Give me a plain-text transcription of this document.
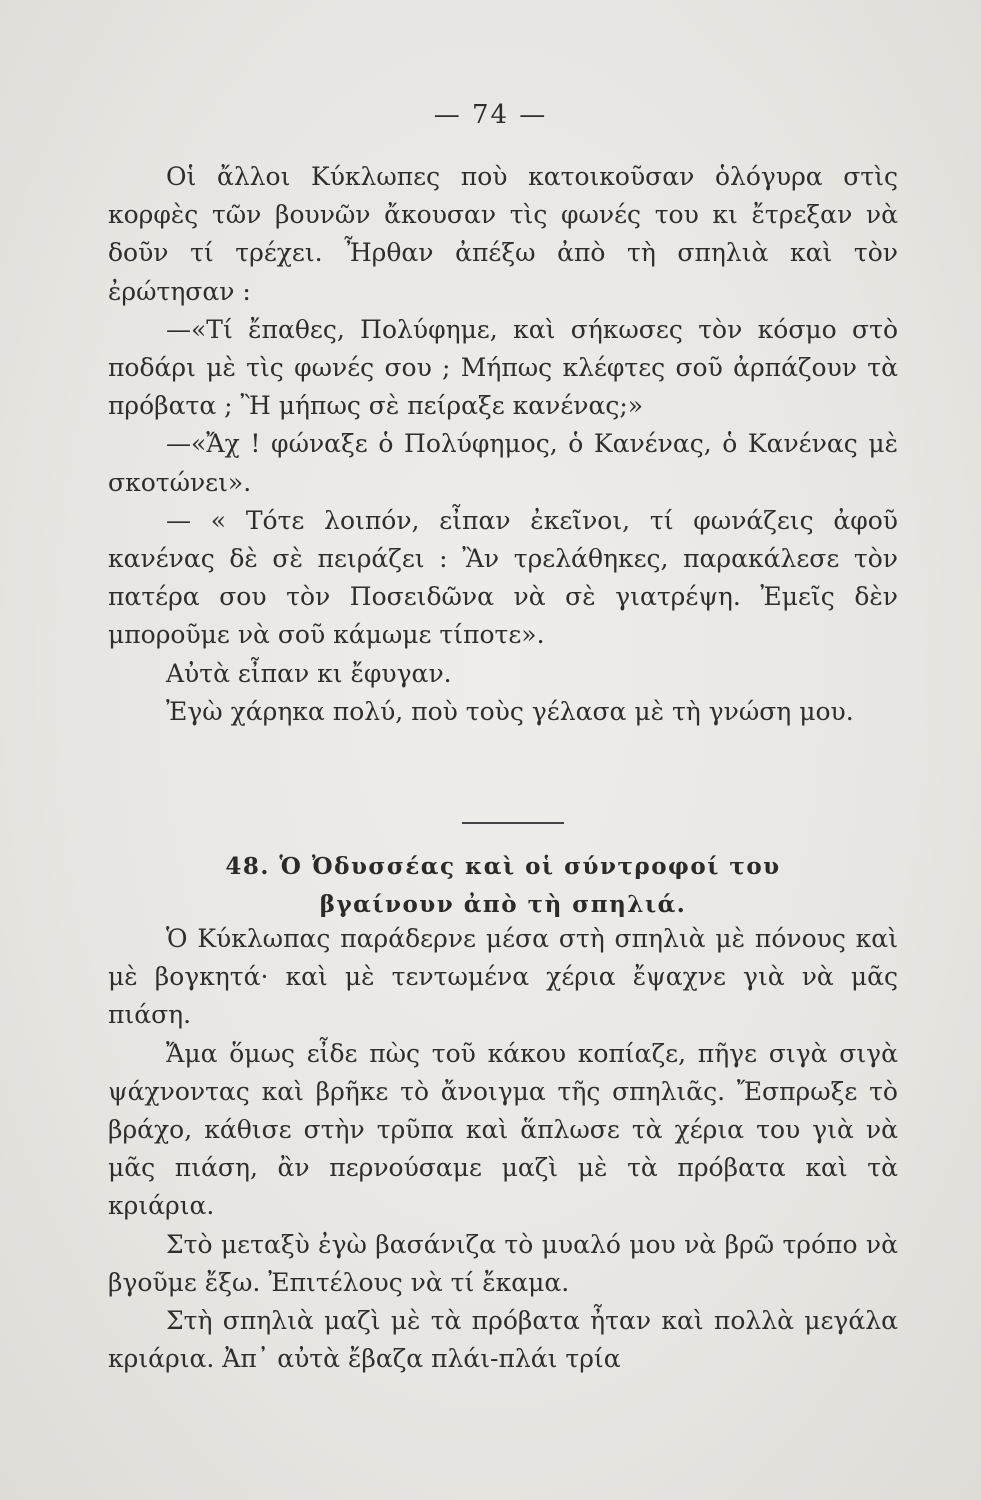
— 74 —

Οἱ ἄλλοι Κύκλωπες ποὺ κατοικοῦσαν ὁλόγυρα στὶς κορφὲς τῶν βουνῶν ἄκουσαν τὶς φωνές του κι ἔτρεξαν νὰ δοῦν τί τρέχει. Ἦρθαν ἀπέξω ἀπὸ τὴ σπηλιὰ καὶ τὸν ἐρώτησαν :

—«Τί ἔπαθες, Πολύφημε, καὶ σήκωσες τὸν κόσμο στὸ ποδάρι μὲ τὶς φωνές σου ; Μήπως κλέφτες σοῦ ἀρπάζουν τὰ πρόβατα ; Ἢ μήπως σὲ πείραξε κανένας;»

—«Ἄχ ! φώναξε ὁ Πολύφημος, ὁ Κανένας, ὁ Κανένας μὲ σκοτώνει».

— « Τότε λοιπόν, εἶπαν ἐκεῖνοι, τί φωνάζεις ἀφοῦ κανένας δὲ σὲ πειράζει : Ἂν τρελάθηκες, παρακάλεσε τὸν πατέρα σου τὸν Ποσειδῶνα νὰ σὲ γιατρέψη. Ἐμεῖς δὲν μποροῦμε νὰ σοῦ κάμωμε τίποτε».

Αὐτὰ εἶπαν κι ἔφυγαν.

Ἐγὼ χάρηκα πολύ, ποὺ τοὺς γέλασα μὲ τὴ γνώση μου.

48. Ὁ Ὀδυσσέας καὶ οἱ σύντροφοί του
βγαίνουν ἀπὸ τὴ σπηλιά.

Ὁ Κύκλωπας παράδερνε μέσα στὴ σπηλιὰ μὲ πόνους καὶ μὲ βογκητά· καὶ μὲ τεντωμένα χέρια ἔψαχνε γιὰ νὰ μᾶς πιάση.

Ἄμα ὅμως εἶδε πὼς τοῦ κάκου κοπίαζε, πῆγε σιγὰ σιγὰ ψάχνοντας καὶ βρῆκε τὸ ἄνοιγμα τῆς σπηλιᾶς. Ἔσπρωξε τὸ βράχο, κάθισε στὴν τρῦπα καὶ ἅπλωσε τὰ χέρια του γιὰ νὰ μᾶς πιάση, ἂν περνούσαμε μαζὶ μὲ τὰ πρόβατα καὶ τὰ κριάρια.

Στὸ μεταξὺ ἐγὼ βασάνιζα τὸ μυαλό μου νὰ βρῶ τρόπο νὰ βγοῦμε ἔξω. Ἐπιτέλους νὰ τί ἔκαμα.

Στὴ σπηλιὰ μαζὶ μὲ τὰ πρόβατα ἦταν καὶ πολλὰ μεγάλα κριάρια. Ἀπ᾽ αὐτὰ ἔβαζα πλάι-πλάι τρία
